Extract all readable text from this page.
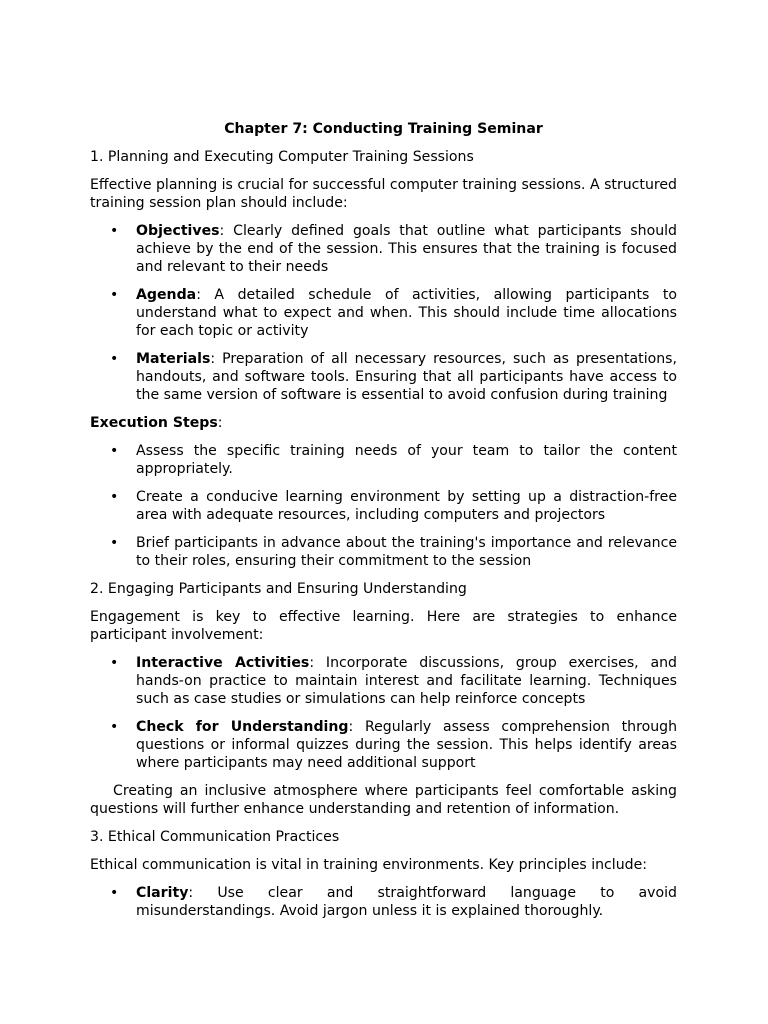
Chapter 7: Conducting Training Seminar
1. Planning and Executing Computer Training Sessions
Effective planning is crucial for successful computer training sessions. A structured training session plan should include:
• Objectives: Clearly defined goals that outline what participants should achieve by the end of the session. This ensures that the training is focused and relevant to their needs
• Agenda: A detailed schedule of activities, allowing participants to understand what to expect and when. This should include time allocations for each topic or activity
• Materials: Preparation of all necessary resources, such as presentations, handouts, and software tools. Ensuring that all participants have access to the same version of software is essential to avoid confusion during training
Execution Steps:
• Assess the specific training needs of your team to tailor the content appropriately.
• Create a conducive learning environment by setting up a distraction-free area with adequate resources, including computers and projectors
• Brief participants in advance about the training's importance and relevance to their roles, ensuring their commitment to the session
2. Engaging Participants and Ensuring Understanding
Engagement is key to effective learning. Here are strategies to enhance participant involvement:
• Interactive Activities: Incorporate discussions, group exercises, and hands-on practice to maintain interest and facilitate learning. Techniques such as case studies or simulations can help reinforce concepts
• Check for Understanding: Regularly assess comprehension through questions or informal quizzes during the session. This helps identify areas where participants may need additional support
Creating an inclusive atmosphere where participants feel comfortable asking questions will further enhance understanding and retention of information.
3. Ethical Communication Practices
Ethical communication is vital in training environments. Key principles include:
• Clarity: Use clear and straightforward language to avoid misunderstandings. Avoid jargon unless it is explained thoroughly.
